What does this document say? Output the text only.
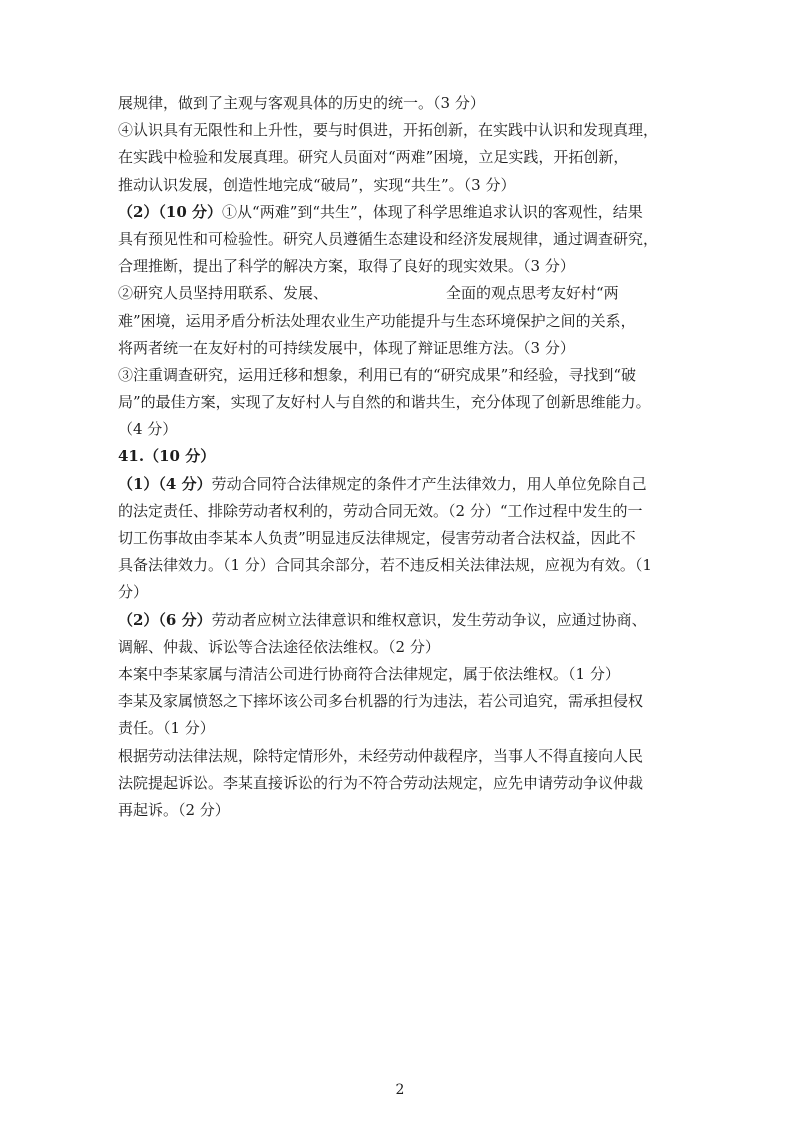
展规律，做到了主观与客观具体的历史的统一。（3 分）
④认识具有无限性和上升性，要与时俱进，开拓创新，在实践中认识和发现真理，
在实践中检验和发展真理。研究人员面对“两难”困境，立足实践，开拓创新，
推动认识发展，创造性地完成“破局”，实现“共生”。（3 分）
（2）（10 分）①从“两难”到“共生”，体现了科学思维追求认识的客观性，结果
具有预见性和可检验性。研究人员遵循生态建设和经济发展规律，通过调查研究，
合理推断，提出了科学的解决方案，取得了良好的现实效果。（3 分）
②研究人员坚持用联系、发展、	全面的观点思考友好村“两
难”困境，运用矛盾分析法处理农业生产功能提升与生态环境保护之间的关系，
将两者统一在友好村的可持续发展中，体现了辩证思维方法。（3 分）
③注重调查研究，运用迁移和想象，利用已有的“研究成果”和经验，寻找到“破
局”的最佳方案，实现了友好村人与自然的和谐共生，充分体现了创新思维能力。
（4 分）
41.（10 分）
（1）（4 分）劳动合同符合法律规定的条件才产生法律效力，用人单位免除自己
的法定责任、排除劳动者权利的，劳动合同无效。（2 分）“工作过程中发生的一
切工伤事故由李某本人负责”明显违反法律规定，侵害劳动者合法权益，因此不
具备法律效力。（1 分）合同其余部分，若不违反相关法律法规，应视为有效。（1
分）
（2）（6 分）劳动者应树立法律意识和维权意识，发生劳动争议，应通过协商、
调解、仲裁、诉讼等合法途径依法维权。（2 分）
本案中李某家属与清洁公司进行协商符合法律规定，属于依法维权。（1 分）
李某及家属愤怒之下摔坏该公司多台机器的行为违法，若公司追究，需承担侵权
责任。（1 分）
根据劳动法律法规，除特定情形外，未经劳动仲裁程序，当事人不得直接向人民
法院提起诉讼。李某直接诉讼的行为不符合劳动法规定，应先申请劳动争议仲裁
再起诉。（2 分）
2
